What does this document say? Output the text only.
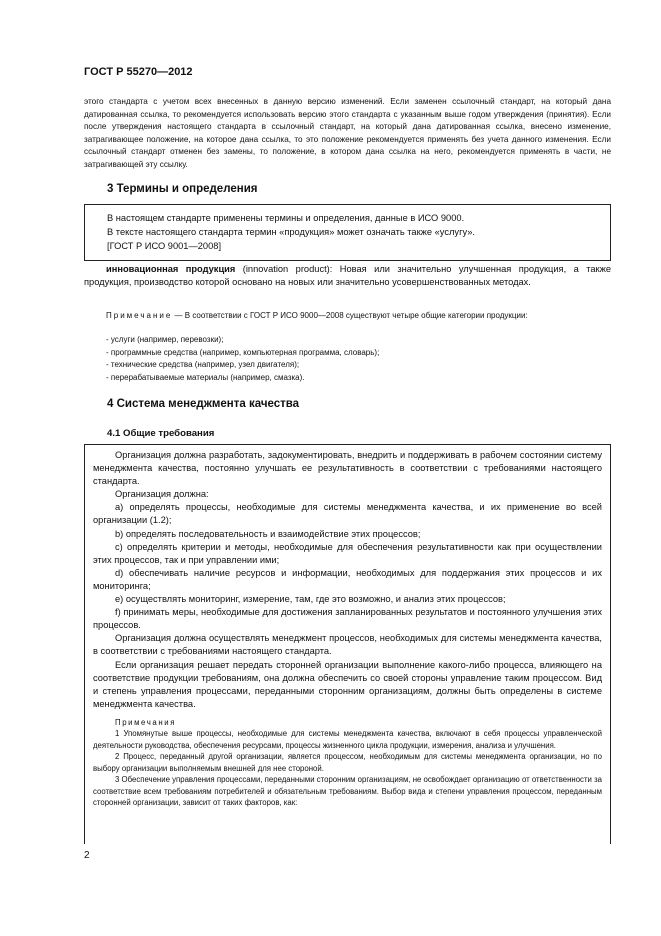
ГОСТ Р 55270—2012
этого стандарта с учетом всех внесенных в данную версию изменений. Если заменен ссылочный стандарт, на который дана датированная ссылка, то рекомендуется использовать версию этого стандарта с указанным выше годом утверждения (принятия). Если после утверждения настоящего стандарта в ссылочный стандарт, на который дана датированная ссылка, внесено изменение, затрагивающее положение, на которое дана ссылка, то это положение рекомендуется применять без учета данного изменения. Если ссылочный стандарт отменен без замены, то положение, в котором дана ссылка на него, рекомендуется применять в части, не затрагивающей эту ссылку.
3 Термины и определения
В настоящем стандарте применены термины и определения, данные в ИСО 9000.
В тексте настоящего стандарта термин «продукция» может означать также «услугу».
[ГОСТ Р ИСО 9001—2008]
инновационная продукция (innovation product): Новая или значительно улучшенная продукция, а также продукция, производство которой основано на новых или значительно усовершенствованных методах.
Примечание — В соответствии с ГОСТ Р ИСО 9000—2008 существуют четыре общие категории продукции:
- услуги (например, перевозки);
- программные средства (например, компьютерная программа, словарь);
- технические средства (например, узел двигателя);
- перерабатываемые материалы (например, смазка).
4 Система менеджмента качества

Организация должна разработать, задокументировать, внедрить и поддерживать в рабочем состоянии систему менеджмента качества, постоянно улучшать ее результативность в соответствии с требованиями настоящего стандарта.

Организация должна:

a) определять процессы, необходимые для системы менеджмента качества, и их применение во всей организации (1.2);

b) определять последовательность и взаимодействие этих процессов;

c) определять критерии и методы, необходимые для обеспечения результативности как при осуществлении этих процессов, так и при управлении ими;

d) обеспечивать наличие ресурсов и информации, необходимых для поддержания этих процессов и их мониторинга;

e) осуществлять мониторинг, измерение, там, где это возможно, и анализ этих процессов;

f) принимать меры, необходимые для достижения запланированных результатов и постоянного улучшения этих процессов.

Организация должна осуществлять менеджмент процессов, необходимых для системы менеджмента качества, в соответствии с требованиями настоящего стандарта.

Если организация решает передать сторонней организации выполнение какого-либо процесса, влияющего на соответствие продукции требованиям, она должна обеспечить со своей стороны управление таким процессом. Вид и степень управления процессами, переданными сторонним организациям, должны быть определены в системе менеджмента качества.

Примечания

1 Упомянутые выше процессы, необходимые для системы менеджмента качества, включают в себя процессы управленческой деятельности руководства, обеспечения ресурсами, процессы жизненного цикла продукции, измерения, анализа и улучшения.

2 Процесс, переданный другой организации, является процессом, необходимым для системы менеджмента организации, но по выбору организации выполняемым внешней для нее стороной.

3 Обеспечение управления процессами, переданными сторонним организациям, не освобождает организацию от ответственности за соответствие всем требованиям потребителей и обязательным требованиям. Выбор вида и степени управления процессом, переданным сторонней организации, зависит от таких факторов, как:

2
4.1 Общие требования
